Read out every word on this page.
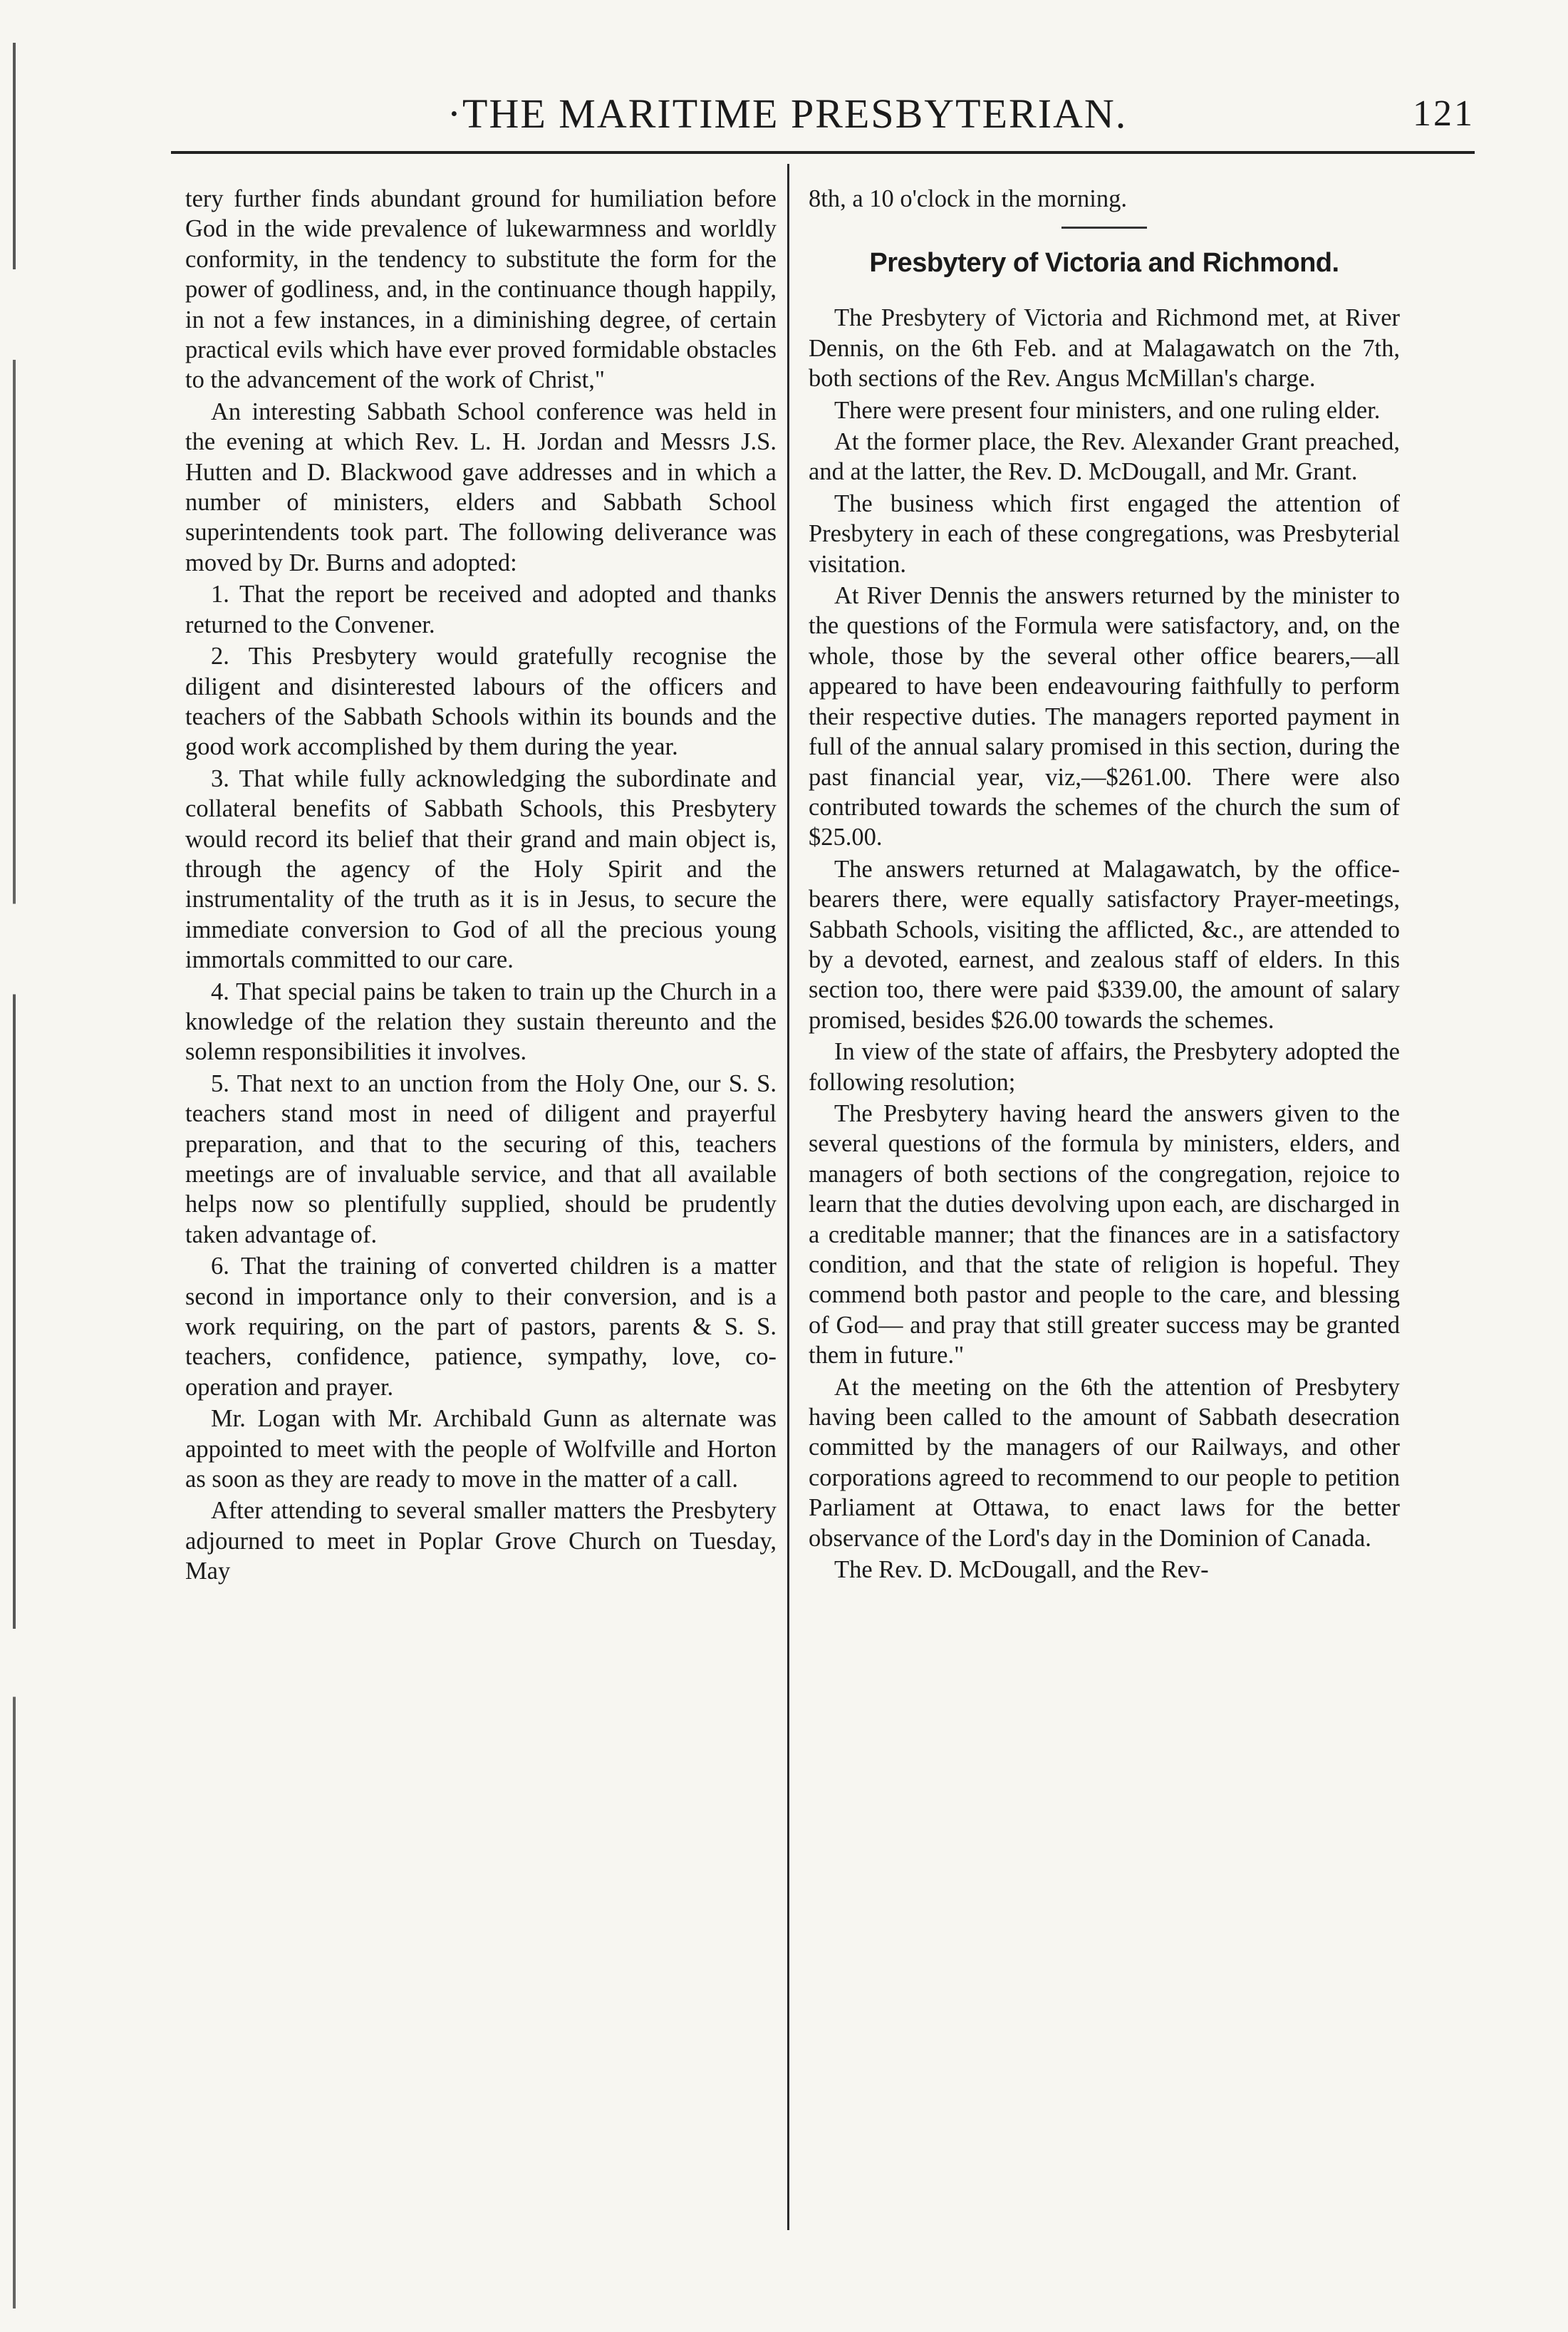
·THE MARITIME PRESBYTERIAN.	121

tery further finds abundant ground for humiliation before God in the wide prevalence of lukewarmness and worldly conformity, in the tendency to substitute the form for the power of godliness, and, in the continuance though happily, in not a few instances, in a diminishing degree, of certain practical evils which have ever proved formidable obstacles to the advancement of the work of Christ,"

An interesting Sabbath School conference was held in the evening at which Rev. L. H. Jordan and Messrs J.S. Hutten and D. Blackwood gave addresses and in which a number of ministers, elders and Sabbath School superintendents took part. The following deliverance was moved by Dr. Burns and adopted:

1. That the report be received and adopted and thanks returned to the Convener.

2. This Presbytery would gratefully recognise the diligent and disinterested labours of the officers and teachers of the Sabbath Schools within its bounds and the good work accomplished by them during the year.

3. That while fully acknowledging the subordinate and collateral benefits of Sabbath Schools, this Presbytery would record its belief that their grand and main object is, through the agency of the Holy Spirit and the instrumentality of the truth as it is in Jesus, to secure the immediate conversion to God of all the precious young immortals committed to our care.

4. That special pains be taken to train up the Church in a knowledge of the relation they sustain thereunto and the solemn responsibilities it involves.

5. That next to an unction from the Holy One, our S. S. teachers stand most in need of diligent and prayerful preparation, and that to the securing of this, teachers meetings are of invaluable service, and that all available helps now so plentifully supplied, should be prudently taken advantage of.

6. That the training of converted children is a matter second in importance only to their conversion, and is a work requiring, on the part of pastors, parents & S. S. teachers, confidence, patience, sympathy, love, co-operation and prayer.

Mr. Logan with Mr. Archibald Gunn as alternate was appointed to meet with the people of Wolfville and Horton as soon as they are ready to move in the matter of a call.

After attending to several smaller matters the Presbytery adjourned to meet in Poplar Grove Church on Tuesday, May

8th, a 10 o'clock in the morning.

Presbytery of Victoria and Richmond.

The Presbytery of Victoria and Richmond met, at River Dennis, on the 6th Feb. and at Malagawatch on the 7th, both sections of the Rev. Angus McMillan's charge.

There were present four ministers, and one ruling elder.

At the former place, the Rev. Alexander Grant preached, and at the latter, the Rev. D. McDougall, and Mr. Grant.

The business which first engaged the attention of Presbytery in each of these congregations, was Presbyterial visitation.

At River Dennis the answers returned by the minister to the questions of the Formula were satisfactory, and, on the whole, those by the several other office bearers,—all appeared to have been endeavouring faithfully to perform their respective duties. The managers reported payment in full of the annual salary promised in this section, during the past financial year, viz,—$261.00. There were also contributed towards the schemes of the church the sum of $25.00.

The answers returned at Malagawatch, by the office-bearers there, were equally satisfactory Prayer-meetings, Sabbath Schools, visiting the afflicted, &c., are attended to by a devoted, earnest, and zealous staff of elders. In this section too, there were paid $339.00, the amount of salary promised, besides $26.00 towards the schemes.

In view of the state of affairs, the Presbytery adopted the following resolution;

The Presbytery having heard the answers given to the several questions of the formula by ministers, elders, and managers of both sections of the congregation, rejoice to learn that the duties devolving upon each, are discharged in a creditable manner; that the finances are in a satisfactory condition, and that the state of religion is hopeful. They commend both pastor and people to the care, and blessing of God— and pray that still greater success may be granted them in future."

At the meeting on the 6th the attention of Presbytery having been called to the amount of Sabbath desecration committed by the managers of our Railways, and other corporations agreed to recommend to our people to petition Parliament at Ottawa, to enact laws for the better observance of the Lord's day in the Dominion of Canada.

The Rev. D. McDougall, and the Rev-
